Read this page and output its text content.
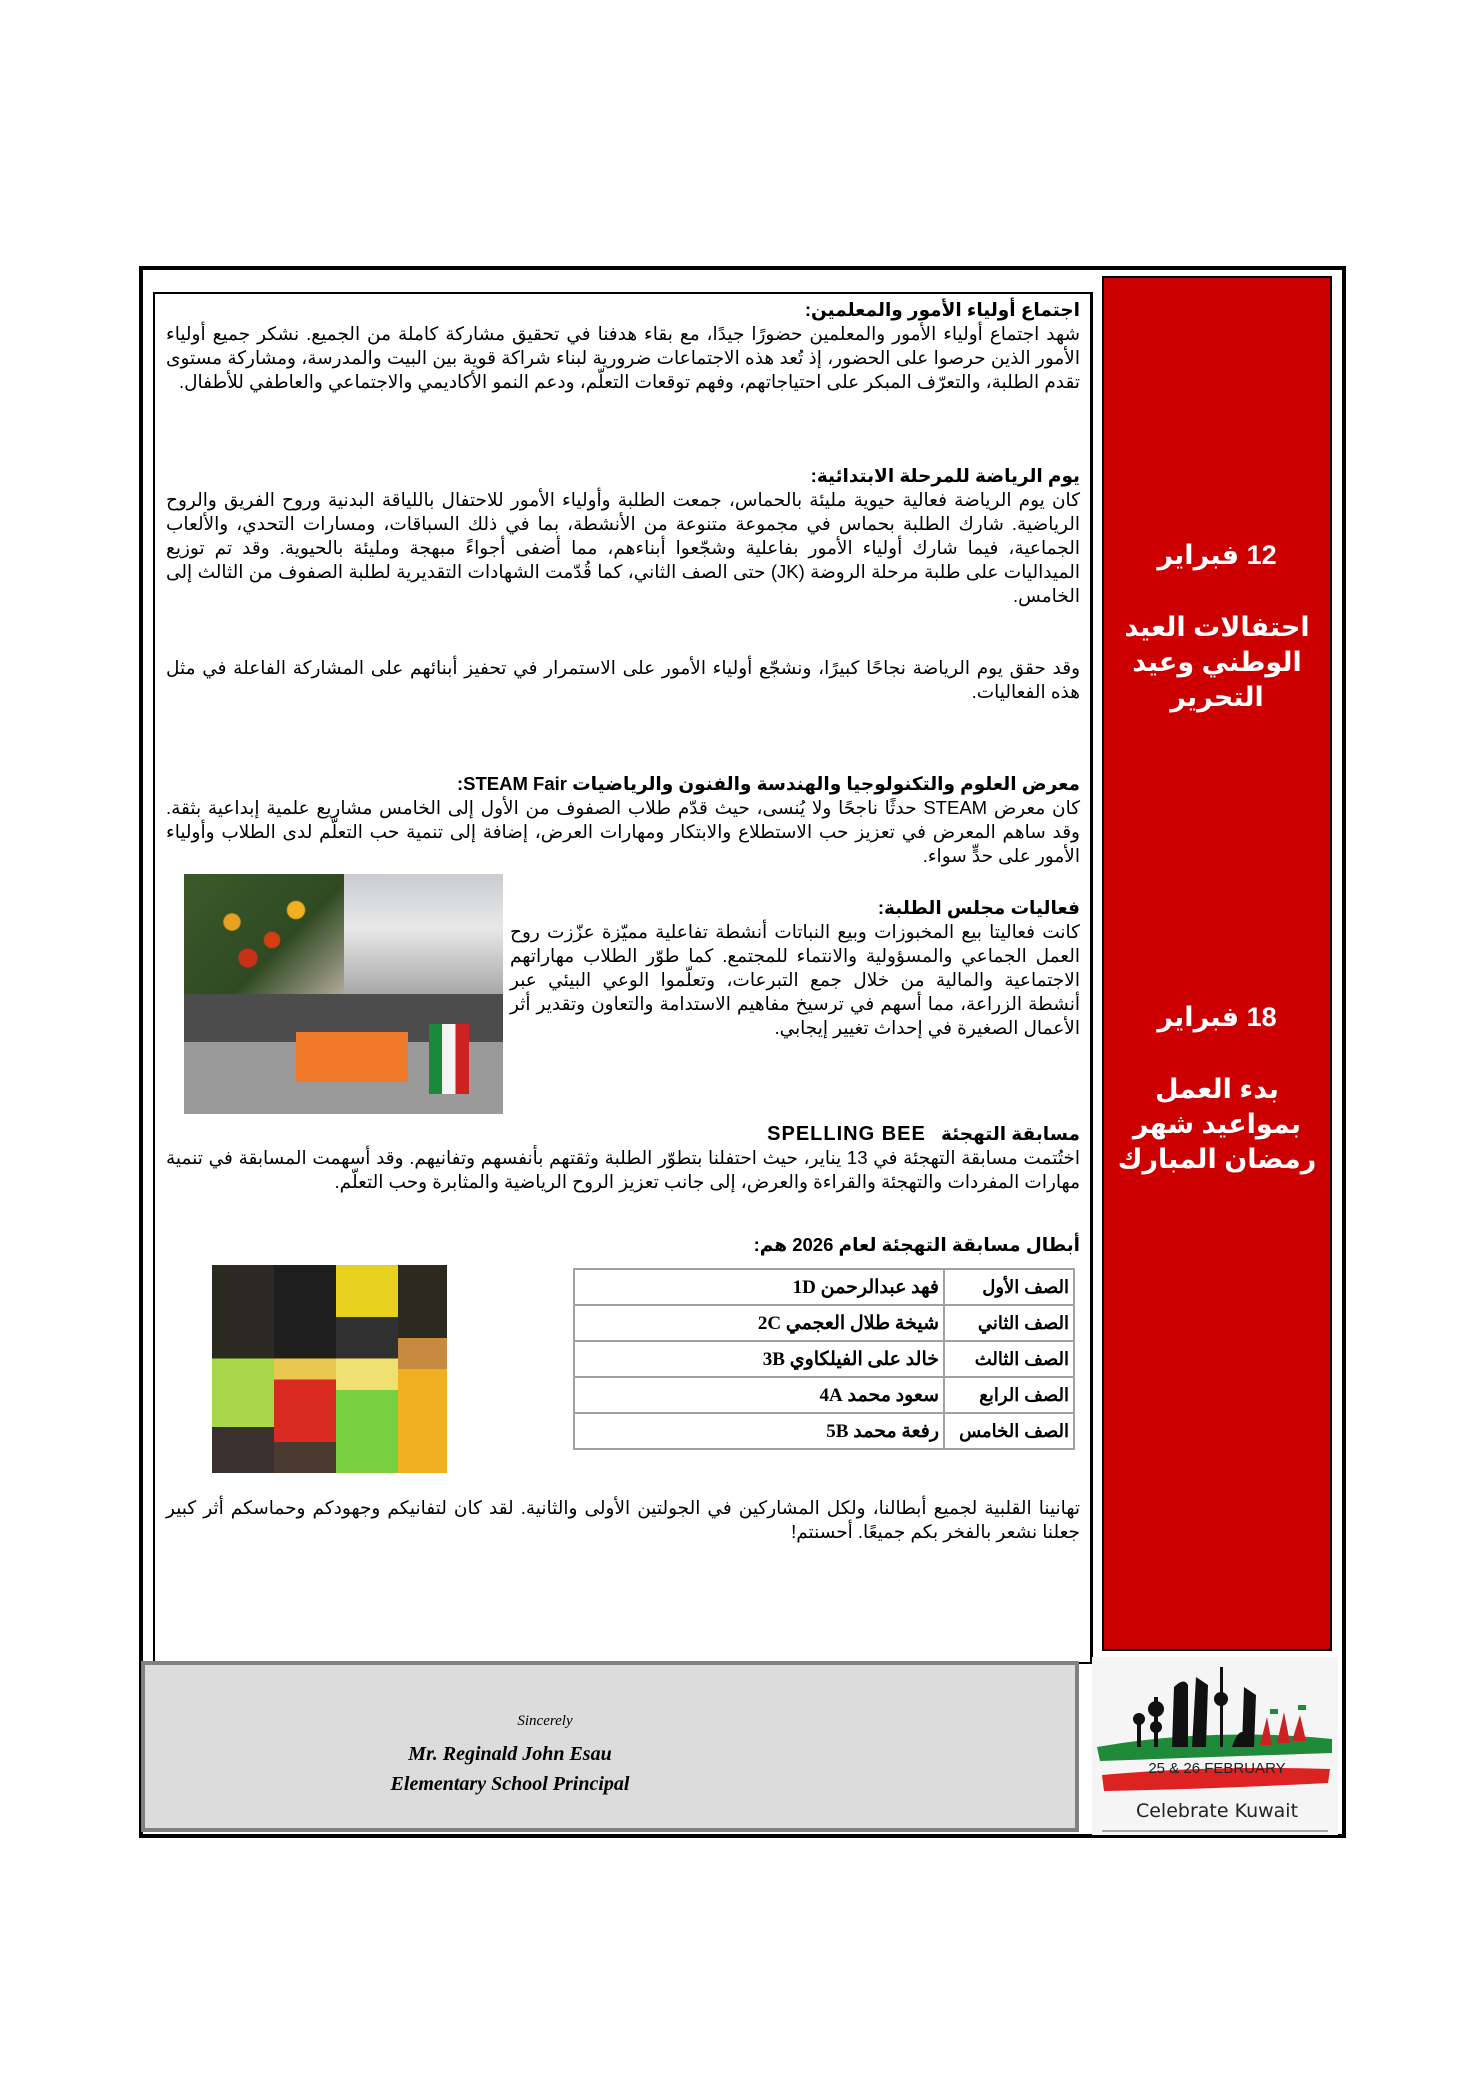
اجتماع أولياء الأمور والمعلمين:

شهد اجتماع أولياء الأمور والمعلمين حضورًا جيدًا، مع بقاء هدفنا في تحقيق مشاركة كاملة من الجميع. نشكر جميع أولياء الأمور الذين حرصوا على الحضور، إذ تُعد هذه الاجتماعات ضرورية لبناء شراكة قوية بين البيت والمدرسة، ومشاركة مستوى تقدم الطلبة، والتعرّف المبكر على احتياجاتهم، وفهم توقعات التعلّم، ودعم النمو الأكاديمي والاجتماعي والعاطفي للأطفال.

يوم الرياضة للمرحلة الابتدائية:

كان يوم الرياضة فعالية حيوية مليئة بالحماس، جمعت الطلبة وأولياء الأمور للاحتفال باللياقة البدنية وروح الفريق والروح الرياضية. شارك الطلبة بحماس في مجموعة متنوعة من الأنشطة، بما في ذلك السباقات، ومسارات التحدي، والألعاب الجماعية، فيما شارك أولياء الأمور بفاعلية وشجّعوا أبناءهم، مما أضفى أجواءً مبهجة ومليئة بالحيوية. وقد تم توزيع الميداليات على طلبة مرحلة الروضة (JK) حتى الصف الثاني، كما قُدّمت الشهادات التقديرية لطلبة الصفوف من الثالث إلى الخامس.

وقد حقق يوم الرياضة نجاحًا كبيرًا، ونشجّع أولياء الأمور على الاستمرار في تحفيز أبنائهم على المشاركة الفاعلة في مثل هذه الفعاليات.

معرض العلوم والتكنولوجيا والهندسة والفنون والرياضيات STEAM Fair:

كان معرض STEAM حدثًا ناجحًا ولا يُنسى، حيث قدّم طلاب الصفوف من الأول إلى الخامس مشاريع علمية إبداعية بثقة. وقد ساهم المعرض في تعزيز حب الاستطلاع والابتكار ومهارات العرض، إضافة إلى تنمية حب التعلّم لدى الطلاب وأولياء الأمور على حدٍّ سواء.

فعاليات مجلس الطلبة:

كانت فعاليتا بيع المخبوزات وبيع النباتات أنشطة تفاعلية مميّزة عزّزت روح العمل الجماعي والمسؤولية والانتماء للمجتمع. كما طوّر الطلاب مهاراتهم الاجتماعية والمالية من خلال جمع التبرعات، وتعلّموا الوعي البيئي عبر أنشطة الزراعة، مما أسهم في ترسيخ مفاهيم الاستدامة والتعاون وتقدير أثر الأعمال الصغيرة في إحداث تغيير إيجابي.

مسابقة التهجئة SPELLING BEE

اختُتمت مسابقة التهجئة في 13 يناير، حيث احتفلنا بتطوّر الطلبة وثقتهم بأنفسهم وتفانيهم. وقد أسهمت المسابقة في تنمية مهارات المفردات والتهجئة والقراءة والعرض، إلى جانب تعزيز الروح الرياضية والمثابرة وحب التعلّم.

أبطال مسابقة التهجئة لعام 2026 هم:

تهانينا القلبية لجميع أبطالنا، ولكل المشاركين في الجولتين الأولى والثانية. لقد كان لتفانيكم وجهودكم وحماسكم أثر كبير جعلنا نشعر بالفخر بكم جميعًا. أحسنتم!

الصف الأول	فهد عبدالرحمن 1D
الصف الثاني	شيخة طلال العجمي 2C
الصف الثالث	خالد على الفيلكاوي 3B
الصف الرابع	سعود محمد 4A
الصف الخامس	رفعة محمد 5B
12 فبراير
احتفالات العيد الوطني وعيد التحرير
18 فبراير
بدء العمل بمواعيد شهر رمضان المبارك
Sincerely
Mr. Reginald John Esau
Elementary School Principal
25 & 26 FEBRUARY
Celebrate Kuwait
